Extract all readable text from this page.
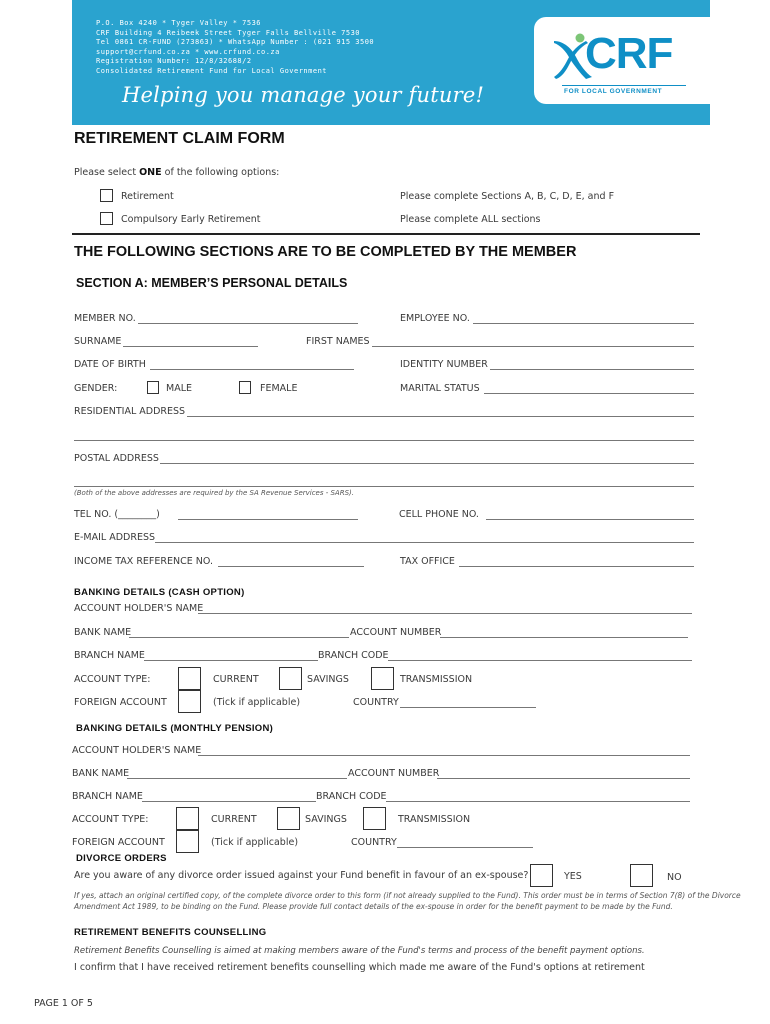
P.O. Box 4240 * Tyger Valley * 7536
CRF Building 4 Reibeek Street Tyger Falls Bellville 7530
Tel 0861 CR-FUND (273863) * WhatsApp Number : (021 915 3500
support@crfund.co.za * www.crfund.co.za
Registration Number: 12/8/32688/2
Consolidated Retirement Fund for Local Government
Helping you manage your future!
CRF
FOR LOCAL GOVERNMENT
RETIREMENT CLAIM FORM
Please select ONE of the following options:
Retirement	Please complete Sections A, B, C, D, E, and F
Compulsory Early Retirement	Please complete ALL sections
THE FOLLOWING SECTIONS ARE TO BE COMPLETED BY THE MEMBER
SECTION A: MEMBER’S PERSONAL DETAILS
MEMBER NO.	EMPLOYEE NO.
SURNAME	FIRST NAMES
DATE OF BIRTH	IDENTITY NUMBER
GENDER:	MALE	FEMALE	MARITAL STATUS
RESIDENTIAL ADDRESS
POSTAL ADDRESS
(Both of the above addresses are required by the SA Revenue Services - SARS).
TEL NO. (________)	CELL PHONE NO.
E-MAIL ADDRESS
INCOME TAX REFERENCE NO.	TAX OFFICE
BANKING DETAILS (CASH OPTION)
ACCOUNT HOLDER'S NAME
BANK NAME	ACCOUNT NUMBER
BRANCH NAME	BRANCH CODE
ACCOUNT TYPE:	CURRENT	SAVINGS	TRANSMISSION
FOREIGN ACCOUNT	(Tick if applicable)	COUNTRY
BANKING DETAILS (MONTHLY PENSION)
ACCOUNT HOLDER'S NAME
BANK NAME	ACCOUNT NUMBER
BRANCH NAME	BRANCH CODE
ACCOUNT TYPE:	CURRENT	SAVINGS	TRANSMISSION
FOREIGN ACCOUNT	(Tick if applicable)	COUNTRY
DIVORCE ORDERS
Are you aware of any divorce order issued against your Fund benefit in favour of an ex-spouse?	YES	NO
If yes, attach an original certified copy, of the complete divorce order to this form (if not already supplied to the Fund). This order must be in terms of Section 7(8) of the Divorce Amendment Act 1989, to be binding on the Fund. Please provide full contact details of the ex-spouse in order for the benefit payment to be made by the Fund.
RETIREMENT BENEFITS COUNSELLING
Retirement Benefits Counselling is aimed at making members aware of the Fund's terms and process of the benefit payment options.
I confirm that I have received retirement benefits counselling which made me aware of the Fund's options at retirement
PAGE 1 OF 5
